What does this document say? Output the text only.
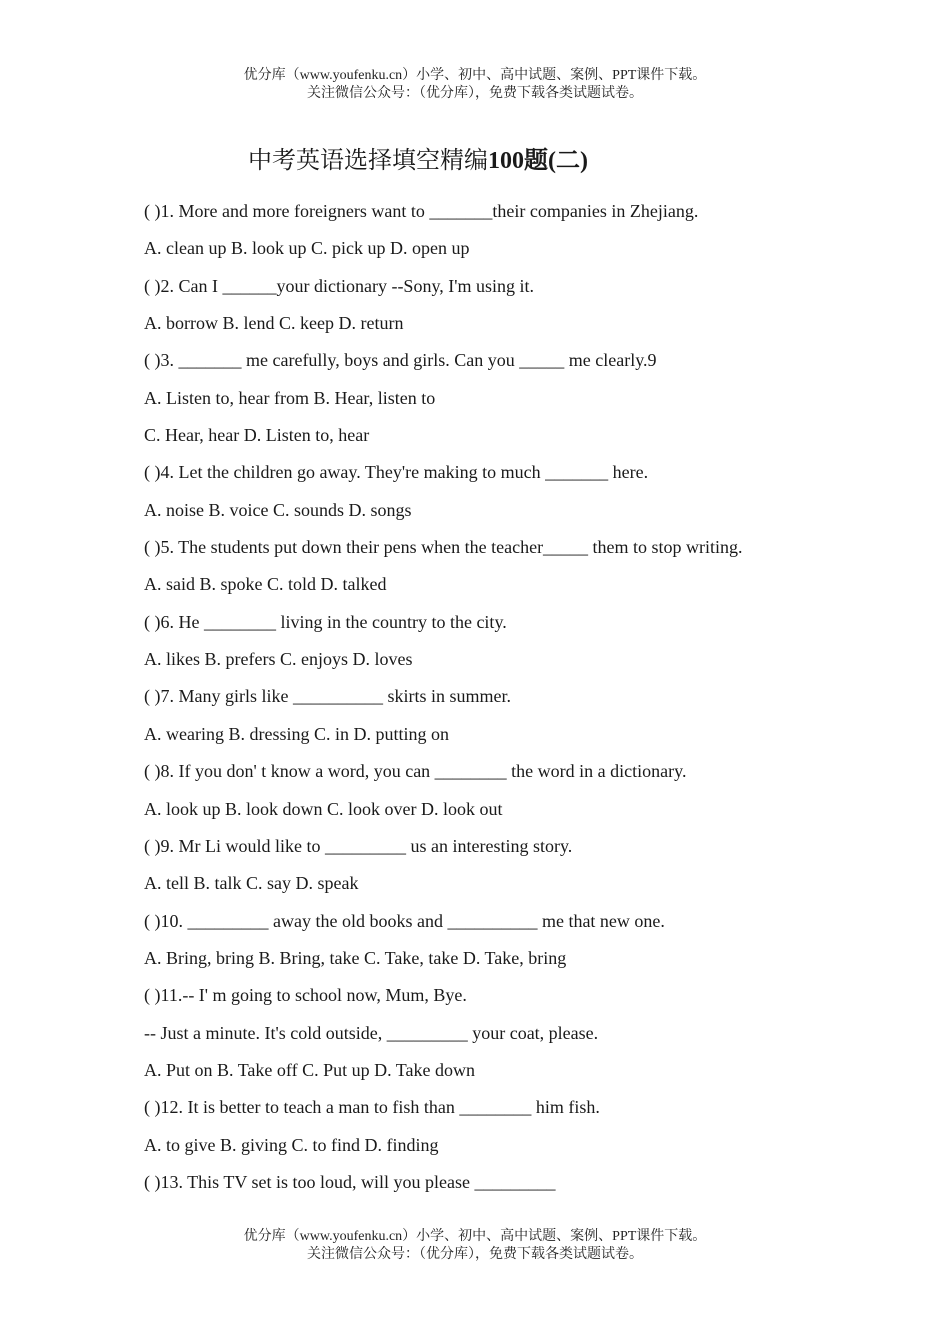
优分库（www.youfenku.cn）小学、初中、高中试题、案例、PPT课件下载。
关注微信公众号：（优分库），免费下载各类试题试卷。
中考英语选择填空精编100题(二)
( )1. More and more foreigners want to _______their companies in Zhejiang.
A. clean up B. look up C. pick up D. open up
( )2. Can I ______your dictionary --Sony, I'm using it.
A. borrow B. lend C. keep D. return
( )3. _______ me carefully, boys and girls. Can you _____ me clearly.9
A. Listen to, hear from B. Hear, listen to
C. Hear, hear D. Listen to, hear
( )4. Let the children go away. They're making to much _______ here.
A. noise B. voice C. sounds D. songs
( )5. The students put down their pens when the teacher_____ them to stop writing.
A. said B. spoke C. told D. talked
( )6. He ________ living in the country to the city.
A. likes B. prefers C. enjoys D. loves
( )7. Many girls like __________ skirts in summer.
A. wearing B. dressing C. in D. putting on
( )8. If you don' t know a word, you can ________ the word in a dictionary.
A. look up B. look down C. look over D. look out
( )9. Mr Li would like to _________ us an interesting story.
A. tell B. talk C. say D. speak
( )10. _________ away the old books and __________ me that new one.
A. Bring, bring B. Bring, take C. Take, take D. Take, bring
( )11.-- I' m going to school now, Mum, Bye.
-- Just a minute. It's cold outside, _________ your coat, please.
A. Put on B. Take off C. Put up D. Take down
( )12. It is better to teach a man to fish than ________ him fish.
A. to give B. giving C. to find D. finding
( )13. This TV set is too loud, will you please _________
优分库（www.youfenku.cn）小学、初中、高中试题、案例、PPT课件下载。
关注微信公众号：（优分库），免费下载各类试题试卷。
